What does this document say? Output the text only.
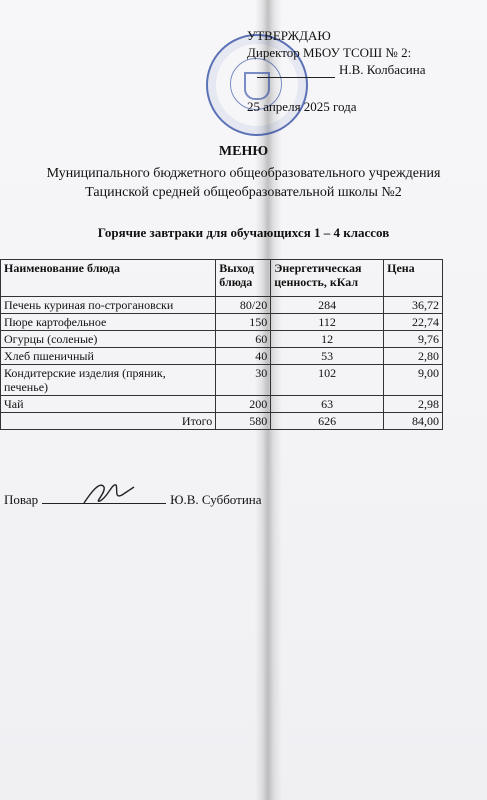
УТВЕРЖДАЮ
Директор МБОУ ТСОШ № 2:
Н.В. Колбасина
25 апреля 2025 года
МЕНЮ
Муниципального бюджетного общеобразовательного учреждения
Тацинской средней общеобразовательной школы №2
Горячие завтраки для обучающихся 1 – 4 классов
Наименование блюда	Выход блюда	Энергетическая ценность, кКал	Цена
Печень куриная по-строгановски	80/20	284	36,72
Пюре картофельное	150	112	22,74
Огурцы (соленые)	60	12	9,76
Хлеб пшеничный	40	53	2,80
Кондитерские изделия (пряник, печенье)	30	102	9,00
Чай	200	63	2,98
Итого	580	626	84,00
Повар	Ю.В. Субботина
